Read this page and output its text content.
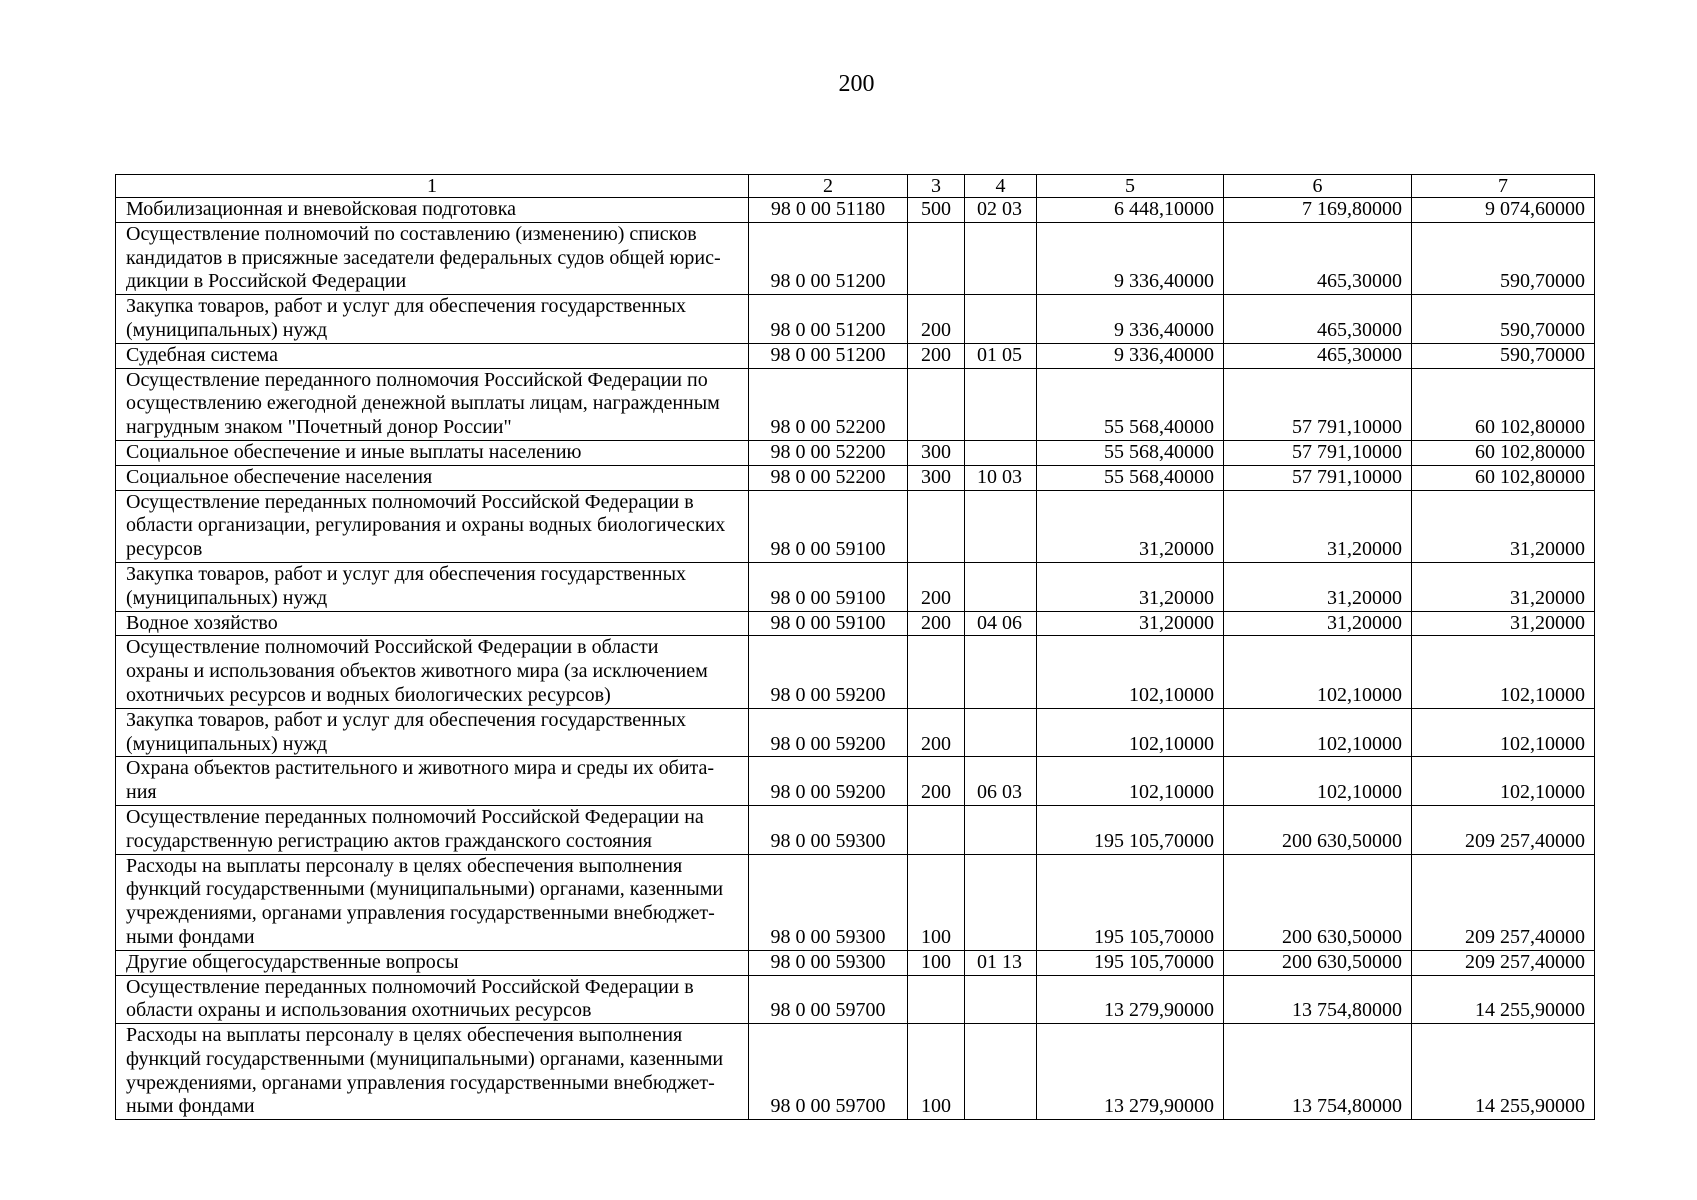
200
1	2	3	4	5	6	7

Мобилизационная и вневойсковая подготовка	98 0 00 51180	500	02 03	6 448,10000	7 169,80000	9 074,60000

Осуществление полномочий по составлению (изменению) списков
кандидатов в присяжные заседатели федеральных судов общей юрис-
дикции в Российской Федерации	98 0 00 51200			9 336,40000	465,30000	590,70000

Закупка товаров, работ и услуг для обеспечения государственных
(муниципальных) нужд	98 0 00 51200	200		9 336,40000	465,30000	590,70000

Судебная система	98 0 00 51200	200	01 05	9 336,40000	465,30000	590,70000

Осуществление переданного полномочия Российской Федерации по
осуществлению ежегодной денежной выплаты лицам, награжденным
нагрудным знаком "Почетный донор России"	98 0 00 52200			55 568,40000	57 791,10000	60 102,80000

Социальное обеспечение и иные выплаты населению	98 0 00 52200	300		55 568,40000	57 791,10000	60 102,80000

Социальное обеспечение населения	98 0 00 52200	300	10 03	55 568,40000	57 791,10000	60 102,80000

Осуществление переданных полномочий Российской Федерации в
области организации, регулирования и охраны водных биологических
ресурсов	98 0 00 59100			31,20000	31,20000	31,20000

Закупка товаров, работ и услуг для обеспечения государственных
(муниципальных) нужд	98 0 00 59100	200		31,20000	31,20000	31,20000

Водное хозяйство	98 0 00 59100	200	04 06	31,20000	31,20000	31,20000

Осуществление полномочий Российской Федерации в области
охраны и использования объектов животного мира (за исключением
охотничьих ресурсов и водных биологических ресурсов)	98 0 00 59200			102,10000	102,10000	102,10000

Закупка товаров, работ и услуг для обеспечения государственных
(муниципальных) нужд	98 0 00 59200	200		102,10000	102,10000	102,10000

Охрана объектов растительного и животного мира и среды их обита-
ния	98 0 00 59200	200	06 03	102,10000	102,10000	102,10000

Осуществление переданных полномочий Российской Федерации на
государственную регистрацию актов гражданского состояния	98 0 00 59300			195 105,70000	200 630,50000	209 257,40000

Расходы на выплаты персоналу в целях обеспечения выполнения
функций государственными (муниципальными) органами, казенными
учреждениями, органами управления государственными внебюджет-
ными фондами	98 0 00 59300	100		195 105,70000	200 630,50000	209 257,40000

Другие общегосударственные вопросы	98 0 00 59300	100	01 13	195 105,70000	200 630,50000	209 257,40000

Осуществление переданных полномочий Российской Федерации в
области охраны и использования охотничьих ресурсов	98 0 00 59700			13 279,90000	13 754,80000	14 255,90000

Расходы на выплаты персоналу в целях обеспечения выполнения
функций государственными (муниципальными) органами, казенными
учреждениями, органами управления государственными внебюджет-
ными фондами	98 0 00 59700	100		13 279,90000	13 754,80000	14 255,90000
